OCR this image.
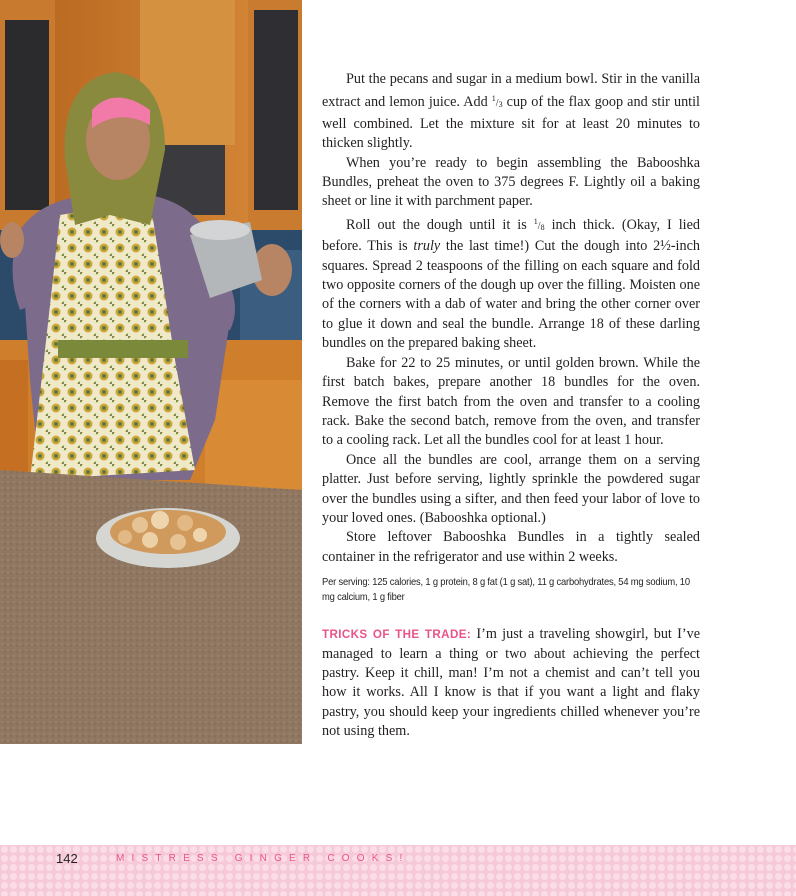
Put the pecans and sugar in a medium bowl. Stir in the vanilla extract and lemon juice. Add $^1/_3$ cup of the flax goop and stir until well combined. Let the mixture sit for at least 20 minutes to thicken slightly.

When you’re ready to begin assembling the Babooshka Bundles, preheat the oven to 375 degrees F. Lightly oil a baking sheet or line it with parchment paper.

Roll out the dough until it is $^1/_8$ inch thick. (Okay, I lied before. This is truly the last time!) Cut the dough into 2½-inch squares. Spread 2 teaspoons of the filling on each square and fold two opposite corners of the dough up over the filling. Moisten one of the corners with a dab of water and bring the other corner over to glue it down and seal the bundle. Arrange 18 of these darling bundles on the prepared baking sheet.

Bake for 22 to 25 minutes, or until golden brown. While the first batch bakes, prepare another 18 bundles for the oven. Remove the first batch from the oven and transfer to a cooling rack. Bake the second batch, remove from the oven, and transfer to a cooling rack. Let all the bundles cool for at least 1 hour.

Once all the bundles are cool, arrange them on a serving platter. Just before serving, lightly sprinkle the powdered sugar over the bundles using a sifter, and then feed your labor of love to your loved ones. (Babooshka optional.)

Store leftover Babooshka Bundles in a tightly sealed container in the refrigerator and use within 2 weeks.

Per serving: 125 calories, 1 g protein, 8 g fat (1 g sat), 11 g carbohydrates, 54 mg sodium, 10 mg calcium, 1 g fiber

TRICKS OF THE TRADE: I’m just a traveling showgirl, but I’ve managed to learn a thing or two about achieving the perfect pastry. Keep it chill, man! I’m not a chemist and can’t tell you how it works. All I know is that if you want a light and flaky pastry, you should keep your ingredients chilled whenever you’re not using them.

142	MISTRESS GINGER COOKS!
